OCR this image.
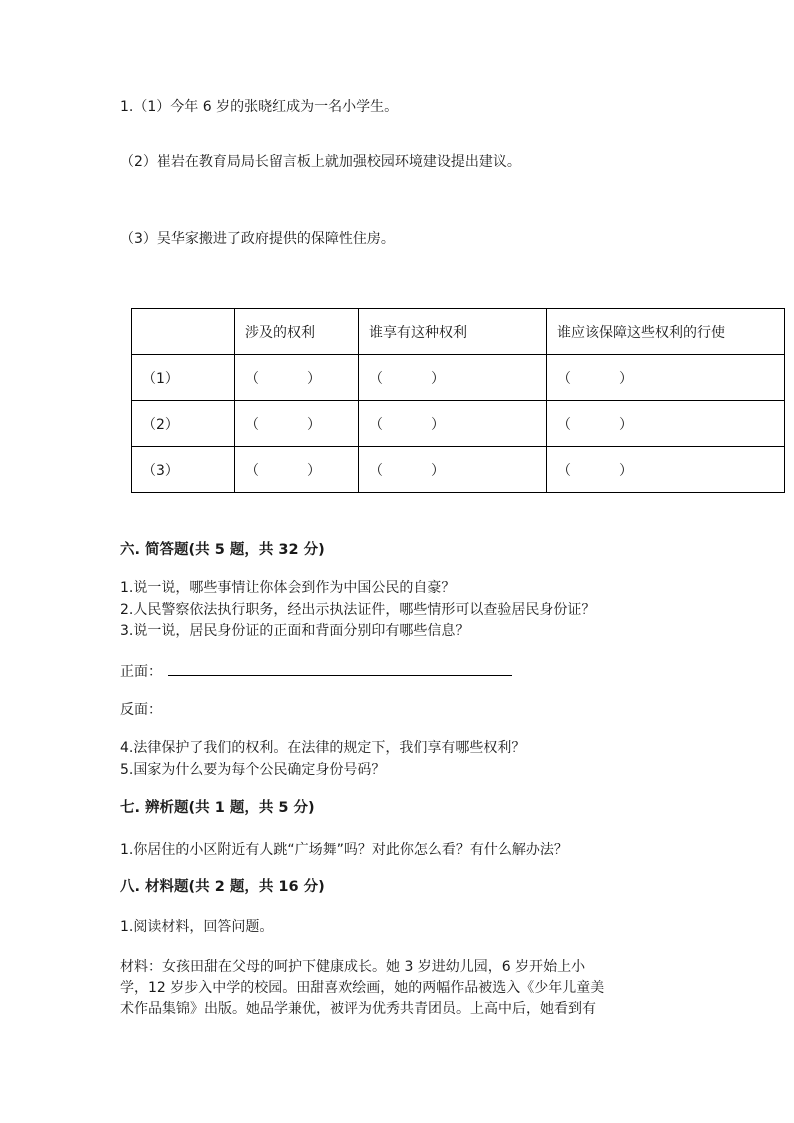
1.（1）今年 6 岁的张晓红成为一名小学生。
（2）崔岩在教育局局长留言板上就加强校园环境建设提出建议。
（3）吴华家搬进了政府提供的保障性住房。
	涉及的权利	谁享有这种权利	谁应该保障这些权利的行使
（1）	（ ）	（ ）	（ ）
（2）	（ ）	（ ）	（ ）
（3）	（ ）	（ ）	（ ）
六. 简答题(共 5 题，共 32 分)
1.说一说，哪些事情让你体会到作为中国公民的自豪？
2.人民警察依法执行职务，经出示执法证件，哪些情形可以查验居民身份证？
3.说一说，居民身份证的正面和背面分别印有哪些信息？
正面：
反面：
4.法律保护了我们的权利。在法律的规定下，我们享有哪些权利？
5.国家为什么要为每个公民确定身份号码？
七. 辨析题(共 1 题，共 5 分)
1.你居住的小区附近有人跳“广场舞”吗？对此你怎么看？有什么解办法？
八. 材料题(共 2 题，共 16 分)
1.阅读材料，回答问题。
材料：女孩田甜在父母的呵护下健康成长。她 3 岁进幼儿园，6 岁开始上小
学，12 岁步入中学的校园。田甜喜欢绘画，她的两幅作品被选入《少年儿童美
术作品集锦》出版。她品学兼优，被评为优秀共青团员。上高中后，她看到有
